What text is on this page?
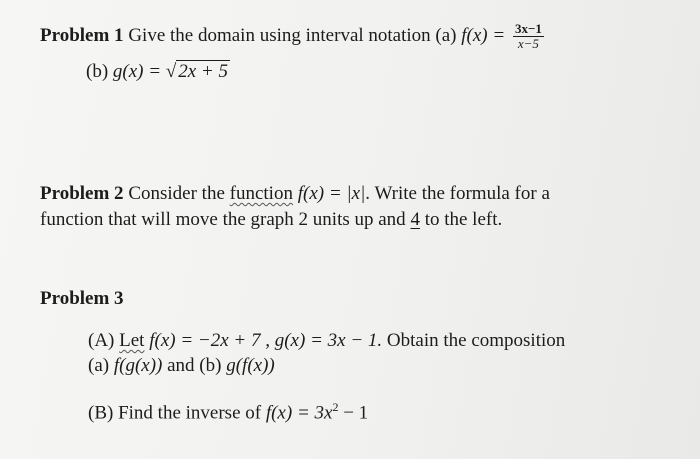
Problem 1 Give the domain using interval notation (a) $f(x) = \frac{3x-1}{x-5}$
(b) g(x) = √ 2x + 5
Problem 2 Consider the function f(x) = |x|. Write the formula for a
function that will move the graph 2 units up and 4 to the left.
Problem 3
(A) Let f(x) = −2x + 7 , g(x) = 3x − 1. Obtain the composition
(a) f(g(x)) and (b) g(f(x))
(B) Find the inverse of $f(x) = 3x^2 - 1$
